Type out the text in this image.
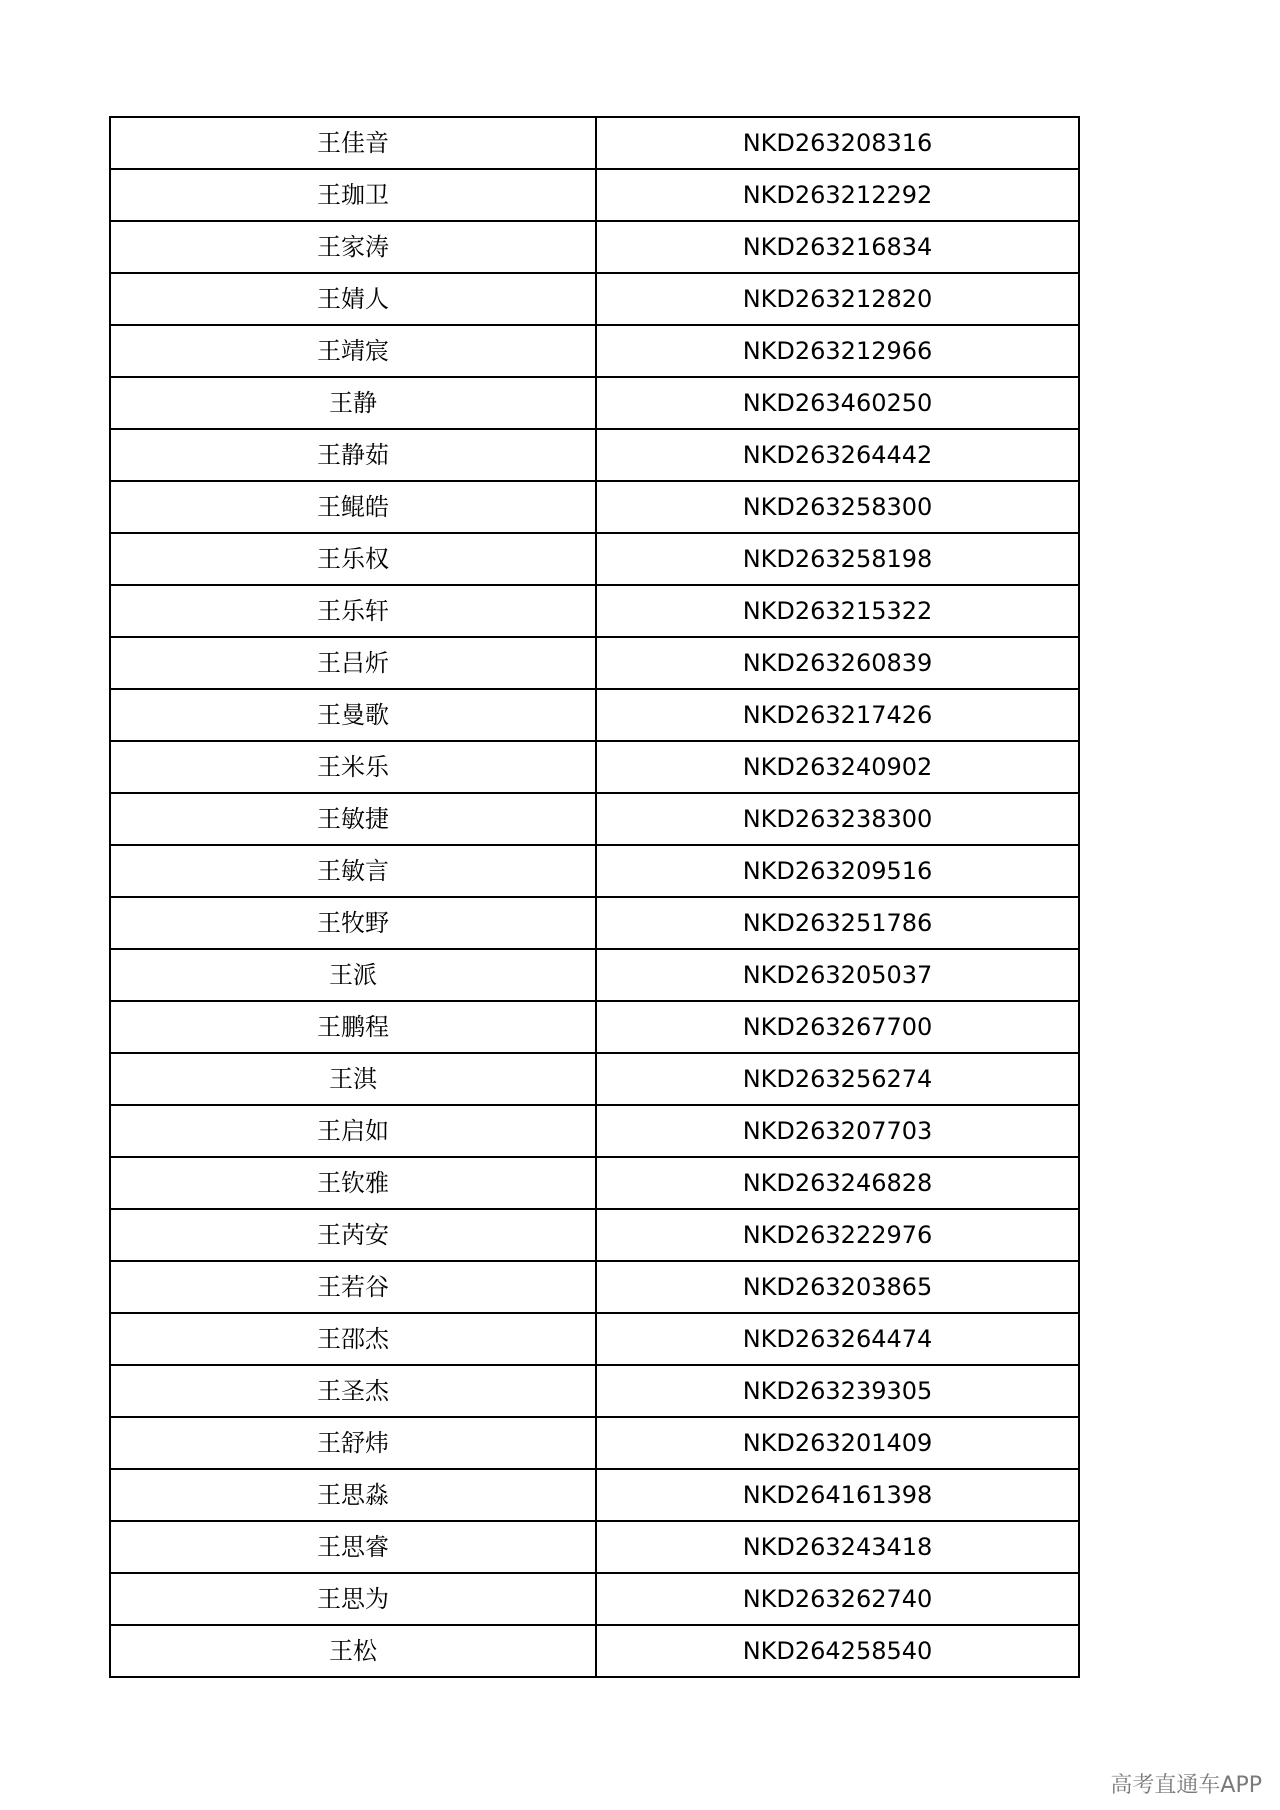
王佳音	NKD263208316
王珈卫	NKD263212292
王家涛	NKD263216834
王婧人	NKD263212820
王靖宸	NKD263212966
王静	NKD263460250
王静茹	NKD263264442
王鲲皓	NKD263258300
王乐权	NKD263258198
王乐轩	NKD263215322
王吕炘	NKD263260839
王曼歌	NKD263217426
王米乐	NKD263240902
王敏捷	NKD263238300
王敏言	NKD263209516
王牧野	NKD263251786
王派	NKD263205037
王鹏程	NKD263267700
王淇	NKD263256274
王启如	NKD263207703
王钦雅	NKD263246828
王芮安	NKD263222976
王若谷	NKD263203865
王邵杰	NKD263264474
王圣杰	NKD263239305
王舒炜	NKD263201409
王思淼	NKD264161398
王思睿	NKD263243418
王思为	NKD263262740
王松	NKD264258540
高考直通车APP
